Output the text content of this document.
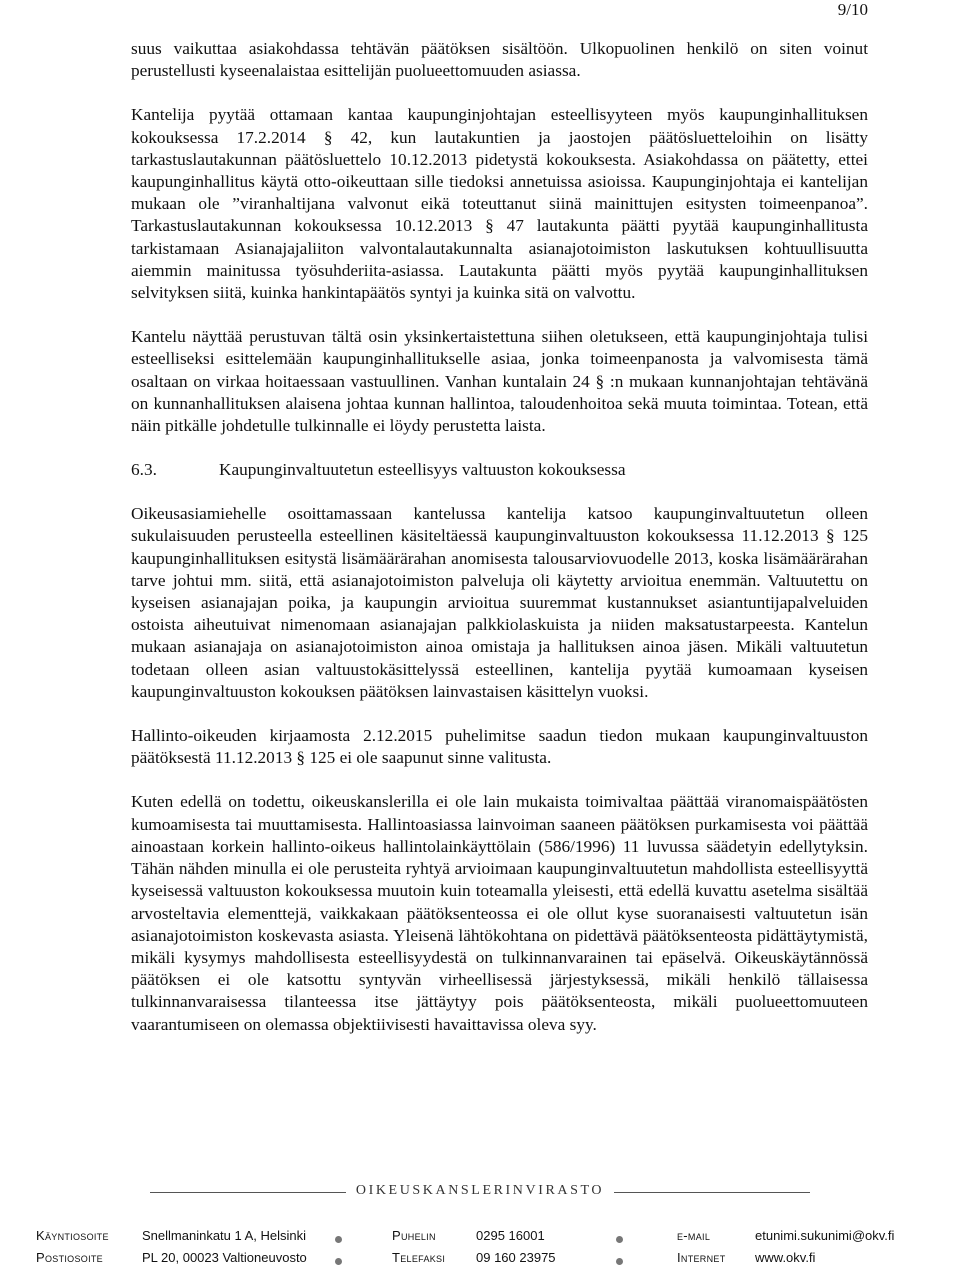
9/10

suus vaikuttaa asiakohdassa tehtävän päätöksen sisältöön. Ulkopuolinen henkilö on siten voinut perustellusti kyseenalaistaa esittelijän puolueettomuuden asiassa.

Kantelija pyytää ottamaan kantaa kaupunginjohtajan esteellisyyteen myös kaupunginhallituksen kokouksessa 17.2.2014 § 42, kun lautakuntien ja jaostojen päätösluetteloihin on lisätty tarkastuslautakunnan päätösluettelo 10.12.2013 pidetystä kokouksesta. Asiakohdassa on päätetty, ettei kaupunginhallitus käytä otto-oikeuttaan sille tiedoksi annetuissa asioissa. Kaupunginjohtaja ei kantelijan mukaan ole ”viranhaltijana valvonut eikä toteuttanut siinä mainittujen esitysten toimeenpanoa”. Tarkastuslautakunnan kokouksessa 10.12.2013 § 47 lautakunta päätti pyytää kaupunginhallitusta tarkistamaan Asianajajaliiton valvontalautakunnalta asianajotoimiston laskutuksen kohtuullisuutta aiemmin mainitussa työsuhderiita-asiassa. Lautakunta päätti myös pyytää kaupunginhallituksen selvityksen siitä, kuinka hankintapäätös syntyi ja kuinka sitä on valvottu.

Kantelu näyttää perustuvan tältä osin yksinkertaistettuna siihen oletukseen, että kaupunginjohtaja tulisi esteelliseksi esittelemään kaupunginhallitukselle asiaa, jonka toimeenpanosta ja valvomisesta tämä osaltaan on virkaa hoitaessaan vastuullinen. Vanhan kuntalain 24 § :n mukaan kunnanjohtajan tehtävänä on kunnanhallituksen alaisena johtaa kunnan hallintoa, taloudenhoitoa sekä muuta toimintaa. Totean, että näin pitkälle johdetulle tulkinnalle ei löydy perustetta laista.

6.3.	Kaupunginvaltuutetun esteellisyys valtuuston kokouksessa

Oikeusasiamiehelle osoittamassaan kantelussa kantelija katsoo kaupunginvaltuutetun olleen sukulaisuuden perusteella esteellinen käsiteltäessä kaupunginvaltuuston kokouksessa 11.12.2013 § 125 kaupunginhallituksen esitystä lisämäärärahan anomisesta talousarviovuodelle 2013, koska lisämäärärahan tarve johtui mm. siitä, että asianajotoimiston palveluja oli käytetty arvioitua enemmän. Valtuutettu on kyseisen asianajajan poika, ja kaupungin arvioitua suuremmat kustannukset asiantuntijapalveluiden ostoista aiheutuivat nimenomaan asianajajan palkkiolaskuista ja niiden maksatustarpeesta. Kantelun mukaan asianajaja on asianajotoimiston ainoa omistaja ja hallituksen ainoa jäsen. Mikäli valtuutetun todetaan olleen asian valtuustokäsittelyssä esteellinen, kantelija pyytää kumoamaan kyseisen kaupunginvaltuuston kokouksen päätöksen lainvastaisen käsittelyn vuoksi.

Hallinto-oikeuden kirjaamosta 2.12.2015 puhelimitse saadun tiedon mukaan kaupunginvaltuuston päätöksestä 11.12.2013 § 125 ei ole saapunut sinne valitusta.

Kuten edellä on todettu, oikeuskanslerilla ei ole lain mukaista toimivaltaa päättää viranomaispäätösten kumoamisesta tai muuttamisesta. Hallintoasiassa lainvoiman saaneen päätöksen purkamisesta voi päättää ainoastaan korkein hallinto-oikeus hallintolainkäyttölain (586/1996) 11 luvussa säädetyin edellytyksin. Tähän nähden minulla ei ole perusteita ryhtyä arvioimaan kaupunginvaltuutetun mahdollista esteellisyyttä kyseisessä valtuuston kokouksessa muutoin kuin toteamalla yleisesti, että edellä kuvattu asetelma sisältää arvosteltavia elementtejä, vaikkakaan päätöksenteossa ei ole ollut kyse suoranaisesti valtuutetun isän asianajotoimiston koskevasta asiasta. Yleisenä lähtökohtana on pidettävä päätöksenteosta pidättäytymistä, mikäli kysymys mahdollisesta esteellisyydestä on tulkinnanvarainen tai epäselvä. Oikeuskäytännössä päätöksen ei ole katsottu syntyvän virheellisessä järjestyksessä, mikäli henkilö tällaisessa tulkinnanvaraisessa tilanteessa itse jättäytyy pois päätöksenteosta, mikäli puolueettomuuteen vaarantumiseen on olemassa objektiivisesti havaittavissa oleva syy.

OIKEUSKANSLERINVIRASTO
Käyntiosoite	Snellmaninkatu 1 A, Helsinki	Puhelin	0295 16001	e-mail	etunimi.sukunimi@okv.fi
Postiosoite	PL 20, 00023 Valtioneuvosto	Telefaksi 09 160 23975	Internet www.okv.fi
